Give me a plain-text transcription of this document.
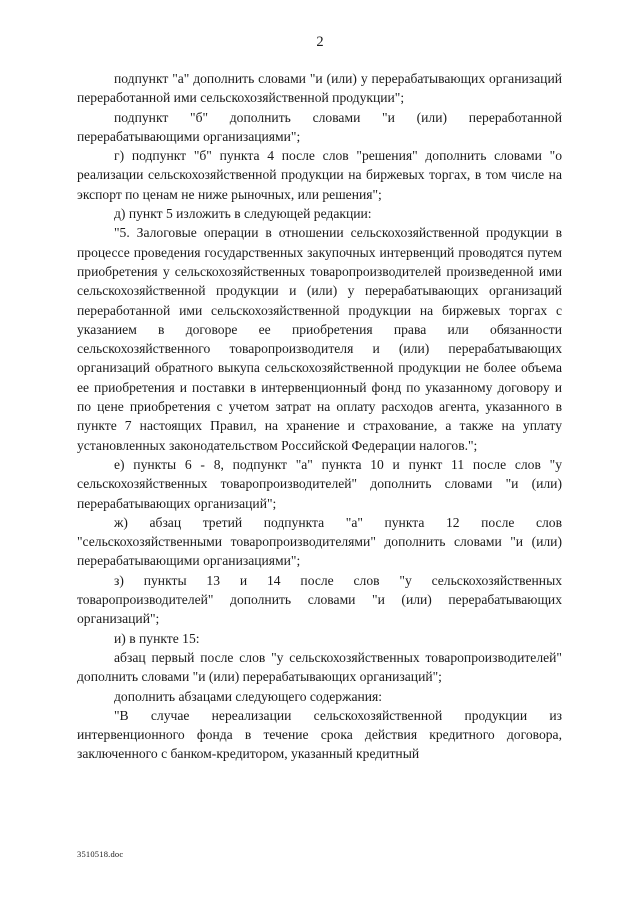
2

подпункт "а" дополнить словами "и (или) у перерабатывающих организаций переработанной ими сельскохозяйственной продукции";

подпункт "б" дополнить словами "и (или) переработанной перерабатывающими организациями";

г) подпункт "б" пункта 4 после слов "решения" дополнить словами "о реализации сельскохозяйственной продукции на биржевых торгах, в том числе на экспорт по ценам не ниже рыночных, или решения";

д) пункт 5 изложить в следующей редакции:

"5. Залоговые операции в отношении сельскохозяйственной продукции в процессе проведения государственных закупочных интервенций проводятся путем приобретения у сельскохозяйственных товаропроизводителей произведенной ими сельскохозяйственной продукции и (или) у перерабатывающих организаций переработанной ими сельскохозяйственной продукции на биржевых торгах с указанием в договоре ее приобретения права или обязанности сельскохозяйственного товаропроизводителя и (или) перерабатывающих организаций обратного выкупа сельскохозяйственной продукции не более объема ее приобретения и поставки в интервенционный фонд по указанному договору и по цене приобретения с учетом затрат на оплату расходов агента, указанного в пункте 7 настоящих Правил, на хранение и страхование, а также на уплату установленных законодательством Российской Федерации налогов.";

е) пункты 6 - 8, подпункт "а" пункта 10 и пункт 11 после слов "у сельскохозяйственных товаропроизводителей" дополнить словами "и (или) перерабатывающих организаций";

ж) абзац третий подпункта "а" пункта 12 после слов "сельскохозяйственными товаропроизводителями" дополнить словами "и (или) перерабатывающими организациями";

з) пункты 13 и 14 после слов "у сельскохозяйственных товаропроизводителей" дополнить словами "и (или) перерабатывающих организаций";

и) в пункте 15:

абзац первый после слов "у сельскохозяйственных товаропроизводителей" дополнить словами "и (или) перерабатывающих организаций";

дополнить абзацами следующего содержания:

"В случае нереализации сельскохозяйственной продукции из интервенционного фонда в течение срока действия кредитного договора, заключенного с банком-кредитором, указанный кредитный

3510518.doc
